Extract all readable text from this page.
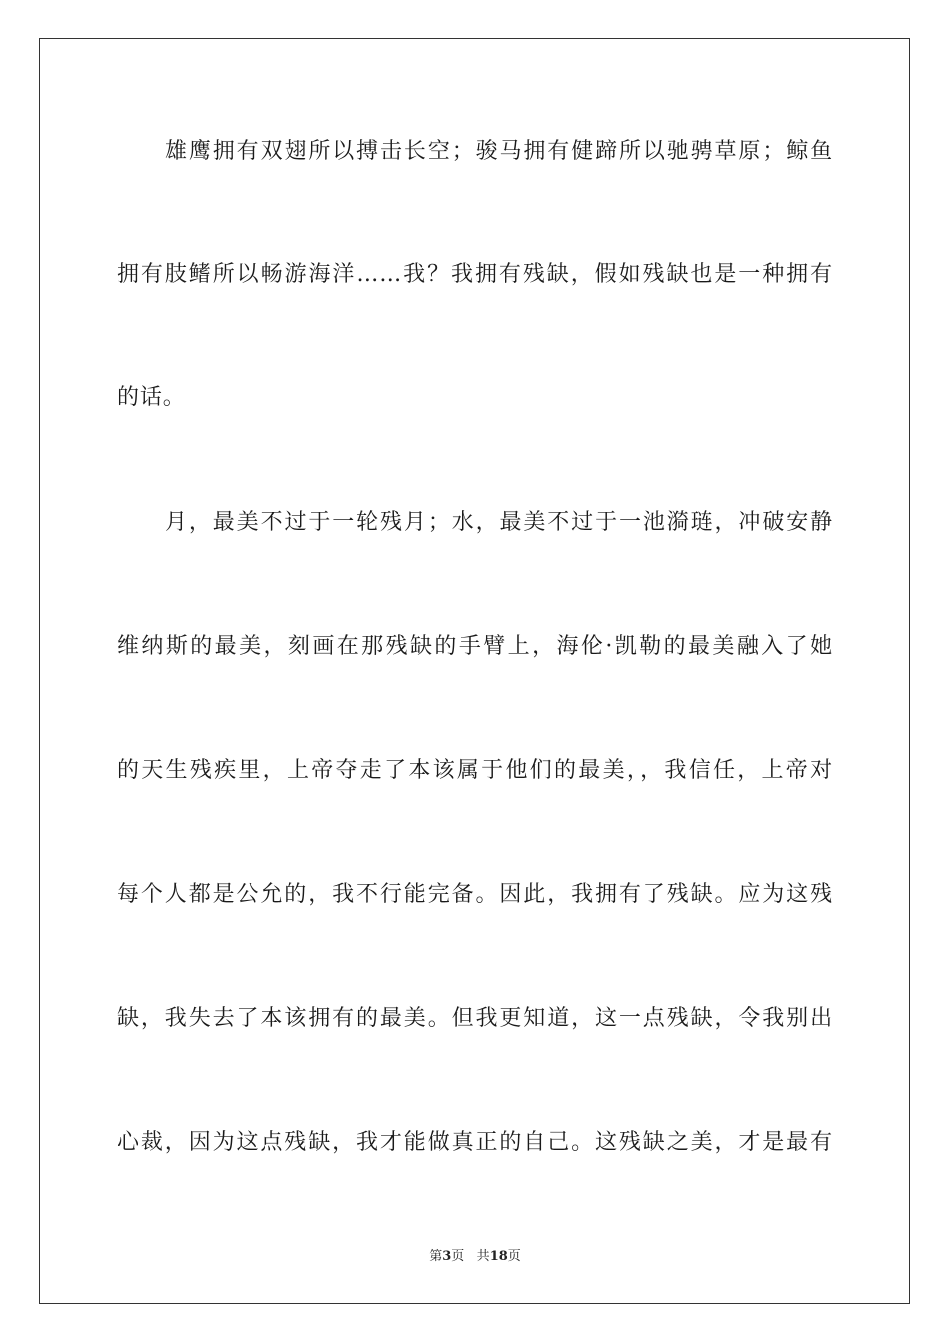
雄鹰拥有双翅所以搏击长空；骏马拥有健蹄所以驰骋草原；鲸鱼
拥有肢鳍所以畅游海洋……我？我拥有残缺，假如残缺也是一种拥有
的话。
月，最美不过于一轮残月；水，最美不过于一池漪琏，冲破安静
维纳斯的最美，刻画在那残缺的手臂上，海伦·凯勒的最美融入了她
的天生残疾里，上帝夺走了本该属于他们的最美，，我信任，上帝对
每个人都是公允的，我不行能完备。因此，我拥有了残缺。应为这残
缺，我失去了本该拥有的最美。但我更知道，这一点残缺，令我别出
心裁，因为这点残缺，我才能做真正的自己。这残缺之美，才是最有
第3页 共18页
